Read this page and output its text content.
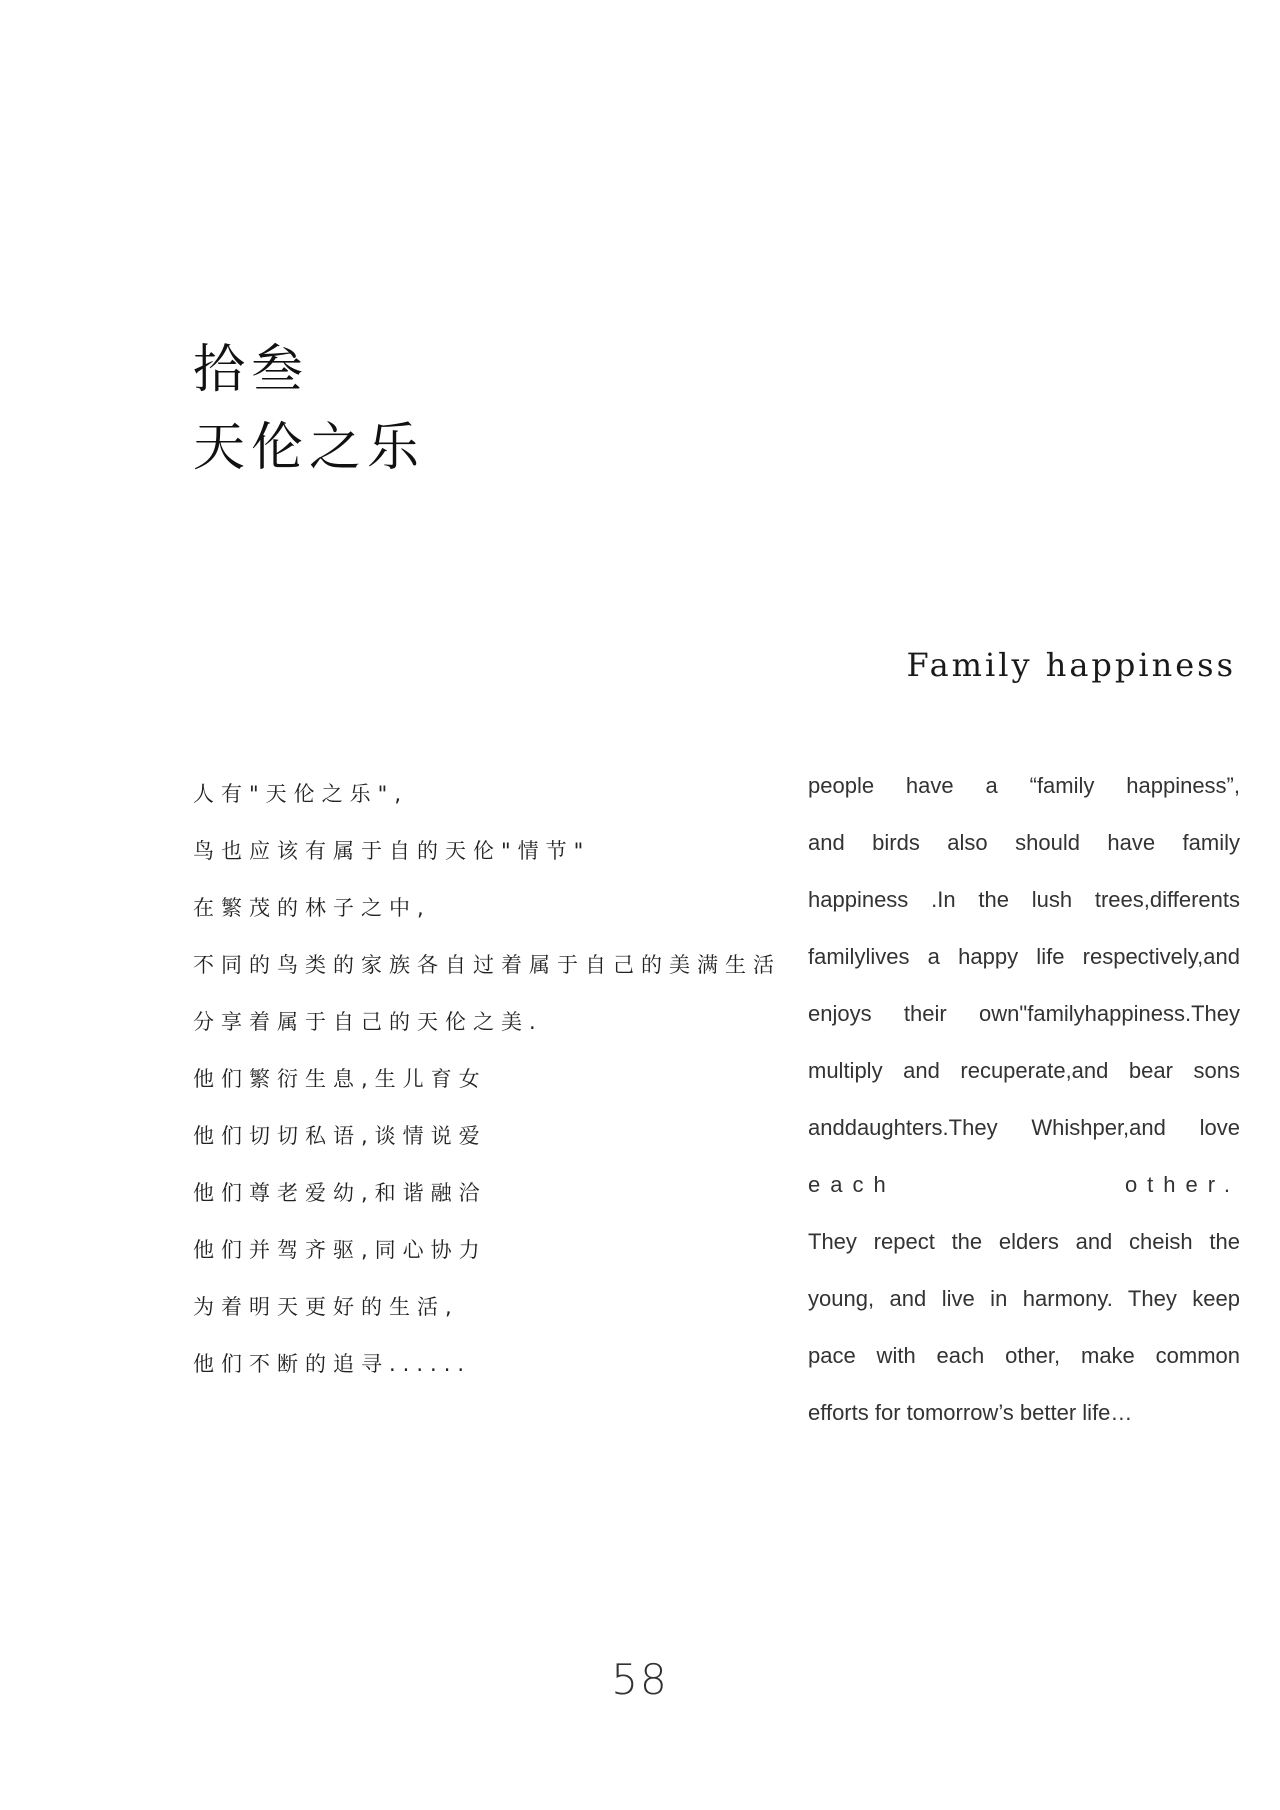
拾叁
天伦之乐
Family happiness
人有"天伦之乐",
鸟也应该有属于自的天伦"情节"
在繁茂的林子之中,
不同的鸟类的家族各自过着属于自己的美满生活
分享着属于自己的天伦之美.
他们繁衍生息,生儿育女
他们切切私语,谈情说爱
他们尊老爱幼,和谐融洽
他们并驾齐驱,同心协力
为着明天更好的生活,
他们不断的追寻......
people have a “family happiness”,
and birds also should have family
happiness .In the lush trees,differents
familylives a happy life respectively,and
enjoys their own"familyhappiness.They
multiply and recuperate,and bear sons
anddaughters.They Whishper,and love
each other.
They repect the elders and cheish the
young, and live in harmony. They keep
pace with each other, make common
efforts for tomorrow’s better life…
58
